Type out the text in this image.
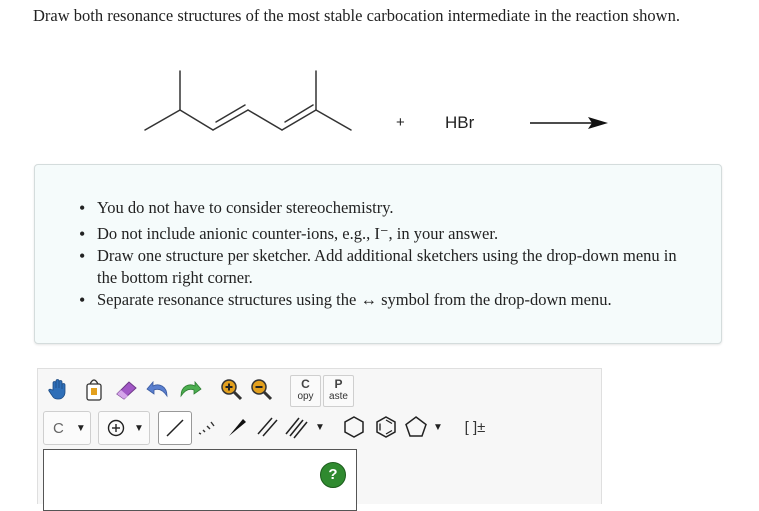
Draw both resonance structures of the most stable carbocation intermediate in the reaction shown.
+ HBr
• You do not have to consider stereochemistry.
• Do not include anionic counter-ions, e.g., I⁻, in your answer.
• Draw one structure per sketcher. Add additional sketchers using the drop-down menu in the bottom right corner.
• Separate resonance structures using the ↔ symbol from the drop-down menu.
C
opy
P
aste
C ▼	▼	▼	▼ [ ]±
?
